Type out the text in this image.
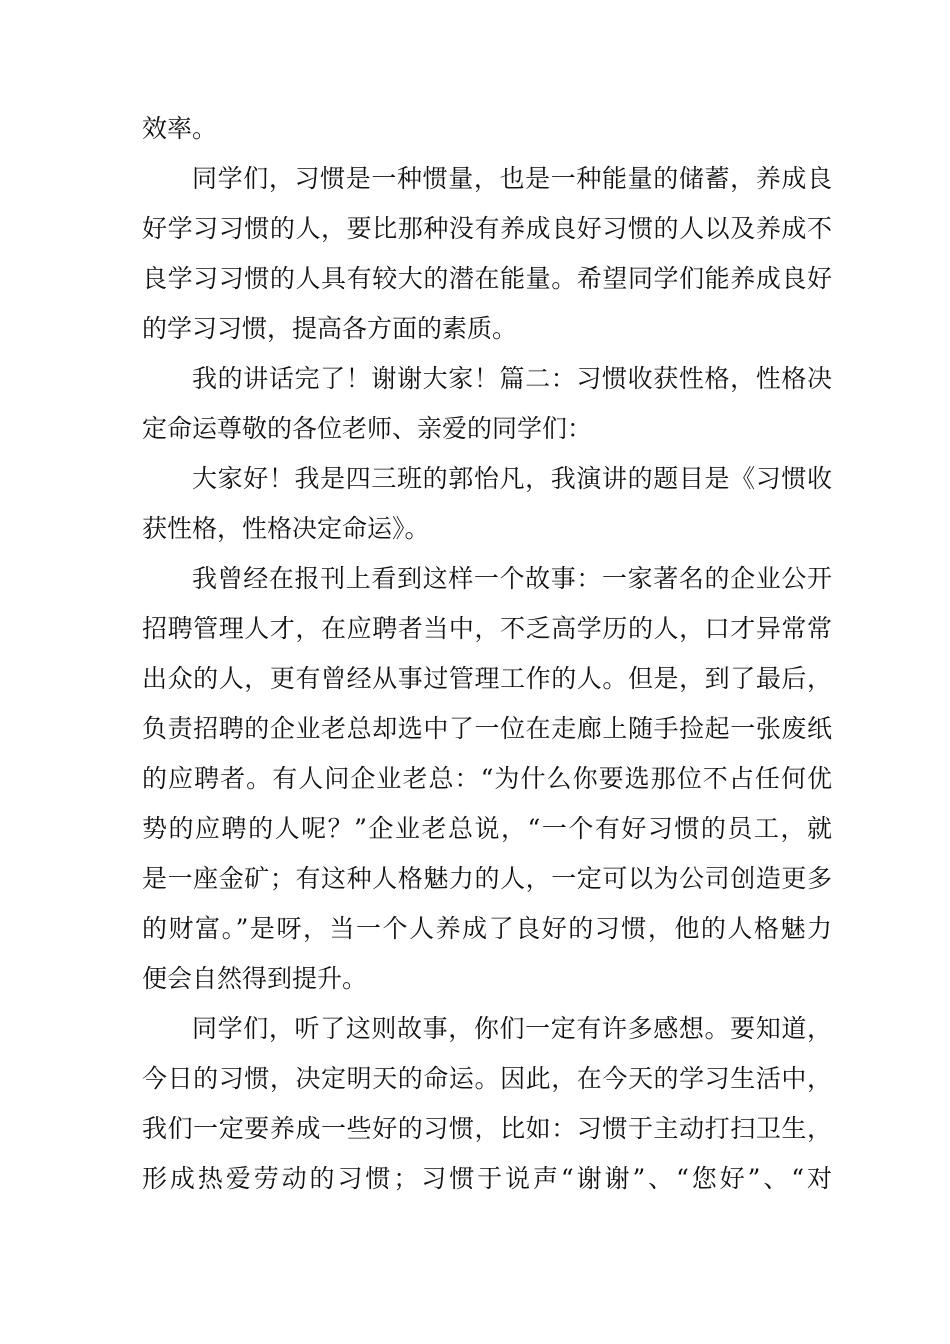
效率。
同学们，习惯是一种惯量，也是一种能量的储蓄，养成良
好学习习惯的人，要比那种没有养成良好习惯的人以及养成不
良学习习惯的人具有较大的潜在能量。希望同学们能养成良好
的学习习惯，提高各方面的素质。
我的讲话完了！谢谢大家！篇二：习惯收获性格，性格决
定命运尊敬的各位老师、亲爱的同学们：
大家好！我是四三班的郭怡凡，我演讲的题目是《习惯收
获性格，性格决定命运》。
我曾经在报刊上看到这样一个故事：一家著名的企业公开
招聘管理人才，在应聘者当中，不乏高学历的人，口才异常常
出众的人，更有曾经从事过管理工作的人。但是，到了最后，
负责招聘的企业老总却选中了一位在走廊上随手捡起一张废纸
的应聘者。有人问企业老总：“为什么你要选那位不占任何优
势的应聘的人呢？”企业老总说，“一个有好习惯的员工，就
是一座金矿；有这种人格魅力的人，一定可以为公司创造更多
的财富。”是呀，当一个人养成了良好的习惯，他的人格魅力
便会自然得到提升。
同学们，听了这则故事，你们一定有许多感想。要知道，
今日的习惯，决定明天的命运。因此，在今天的学习生活中，
我们一定要养成一些好的习惯，比如：习惯于主动打扫卫生，
形成热爱劳动的习惯；习惯于说声“谢谢”、“您好”、“对
